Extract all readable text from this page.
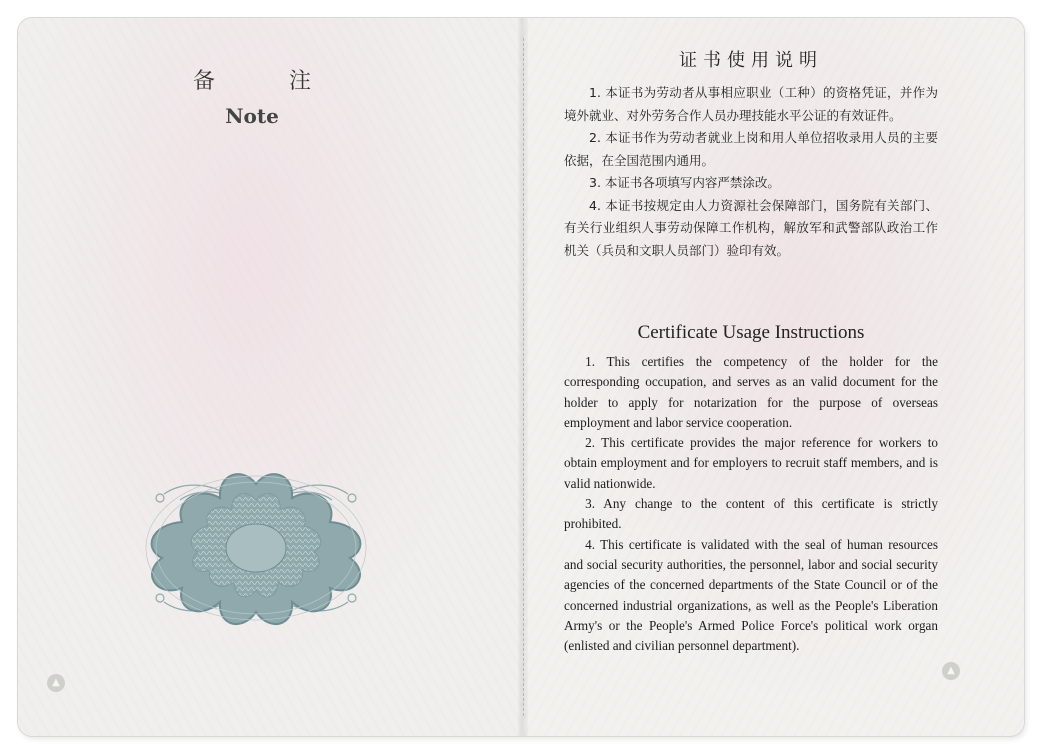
备注
Note
▲
▲
证书使用说明

1. 本证书为劳动者从事相应职业（工种）的资格凭证，并作为境外就业、对外劳务合作人员办理技能水平公证的有效证件。

2. 本证书作为劳动者就业上岗和用人单位招收录用人员的主要依据，在全国范围内通用。

3. 本证书各项填写内容严禁涂改。

4. 本证书按规定由人力资源社会保障部门，国务院有关部门、有关行业组织人事劳动保障工作机构，解放军和武警部队政治工作机关（兵员和文职人员部门）验印有效。

Certificate Usage Instructions

1. This certifies the competency of the holder for the corresponding occupation, and serves as an valid document for the holder to apply for notarization for the purpose of overseas employment and labor service cooperation.

2. This certificate provides the major reference for workers to obtain employment and for employers to recruit staff members, and is valid nationwide.

3. Any change to the content of this certificate is strictly prohibited.

4. This certificate is validated with the seal of human resources and social security authorities, the personnel, labor and social security agencies of the concerned departments of the State Council or of the concerned industrial organizations, as well as the People's Liberation Army's or the People's Armed Police Force's political work organ (enlisted and civilian personnel department).
